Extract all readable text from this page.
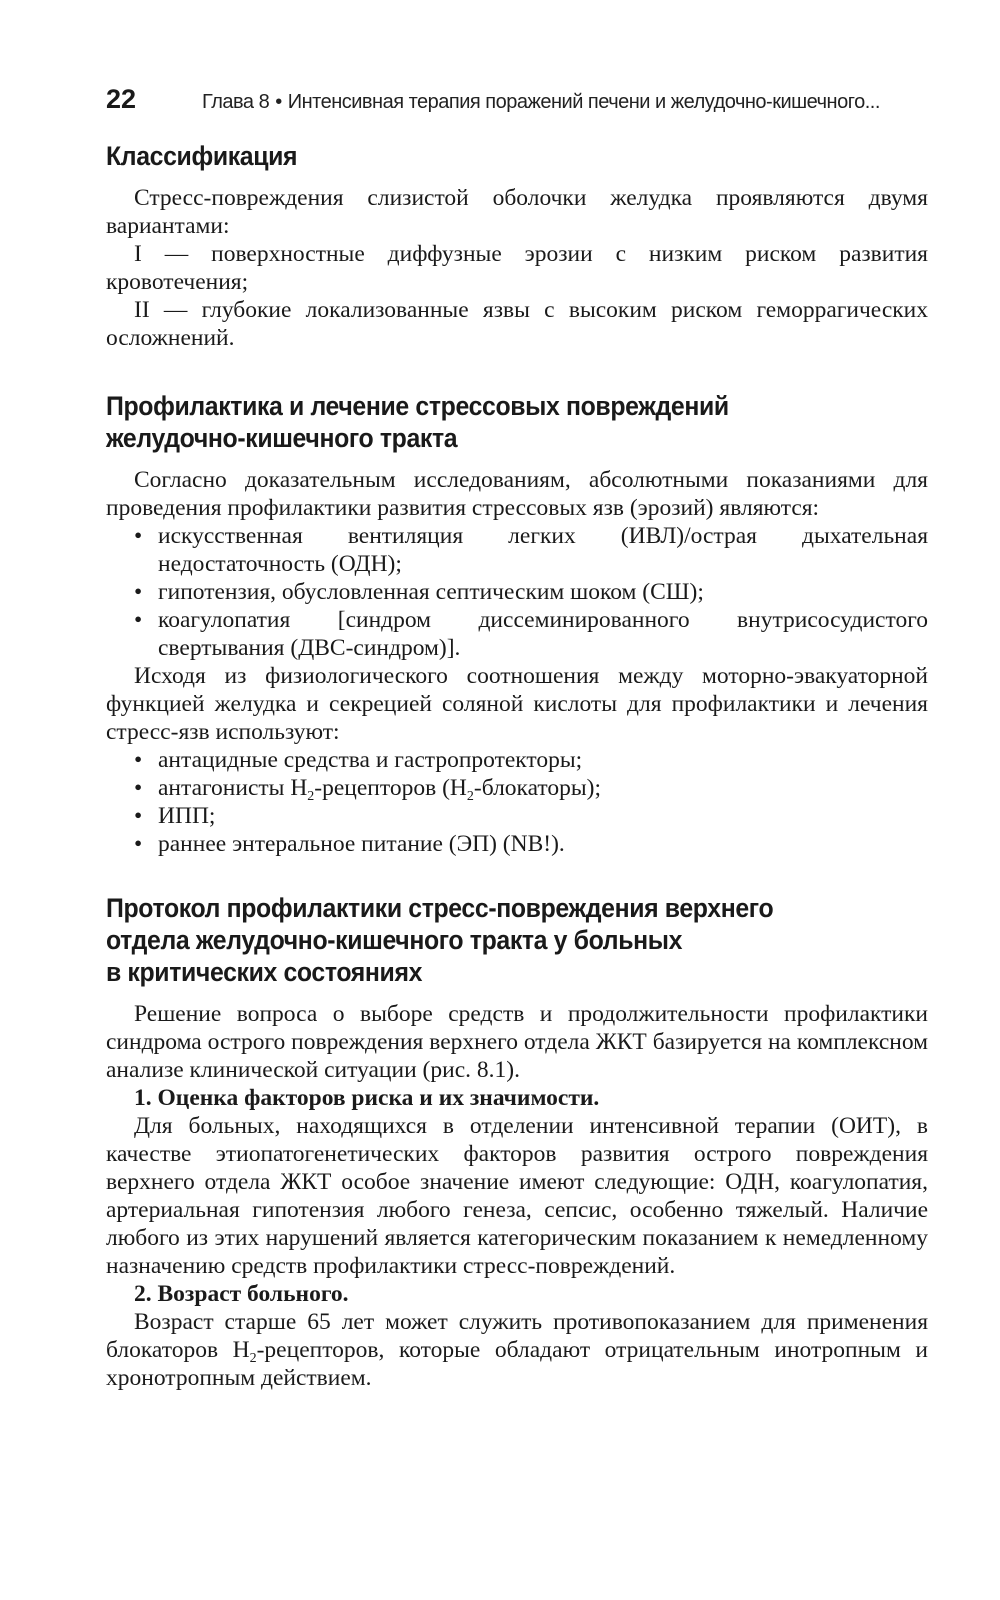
22	Глава 8 • Интенсивная терапия поражений печени и желудочно-кишечного...
Классификация

Стресс-повреждения слизистой оболочки желудка проявляются двумя вариантами:

I — поверхностные диффузные эрозии с низким риском развития кровотечения;

II — глубокие локализованные язвы с высоким риском геморрагических осложнений.

Профилактика и лечение стрессовых повреждений
желудочно-кишечного тракта

Согласно доказательным исследованиям, абсолютными показаниями для проведения профилактики развития стрессовых язв (эрозий) являются:

• искусственная вентиляция легких (ИВЛ)/острая дыхательная недостаточность (ОДН);
• гипотензия, обусловленная септическим шоком (СШ);
• коагулопатия [синдром диссеминированного внутрисосудистого свертывания (ДВС-синдром)].

Исходя из физиологического соотношения между моторно-эвакуаторной функцией желудка и секрецией соляной кислоты для профилактики и лечения стресс-язв используют:

• антацидные средства и гастропротекторы;
• антагонисты $H_2$-рецепторов $(H_2-блокаторы)$;
• ИПП;
• раннее энтеральное питание (ЭП) (NB!).
Протокол профилактики стресс-повреждения верхнего
отдела желудочно-кишечного тракта у больных
в критических состояниях

Решение вопроса о выборе средств и продолжительности профилактики синдрома острого повреждения верхнего отдела ЖКТ базируется на комплексном анализе клинической ситуации (рис. 8.1).

1. Оценка факторов риска и их значимости.

Для больных, находящихся в отделении интенсивной терапии (ОИТ), в качестве этиопатогенетических факторов развития острого повреждения верхнего отдела ЖКТ особое значение имеют следующие: ОДН, коагулопатия, артериальная гипотензия любого генеза, сепсис, особенно тяжелый. Наличие любого из этих нарушений является категорическим показанием к немедленному назначению средств профилактики стресс-повреждений.

2. Возраст больного.

Возраст старше 65 лет может служить противопоказанием для применения блокаторов $H_2$-рецепторов, которые обладают отрицательным инотропным и хронотропным действием.
